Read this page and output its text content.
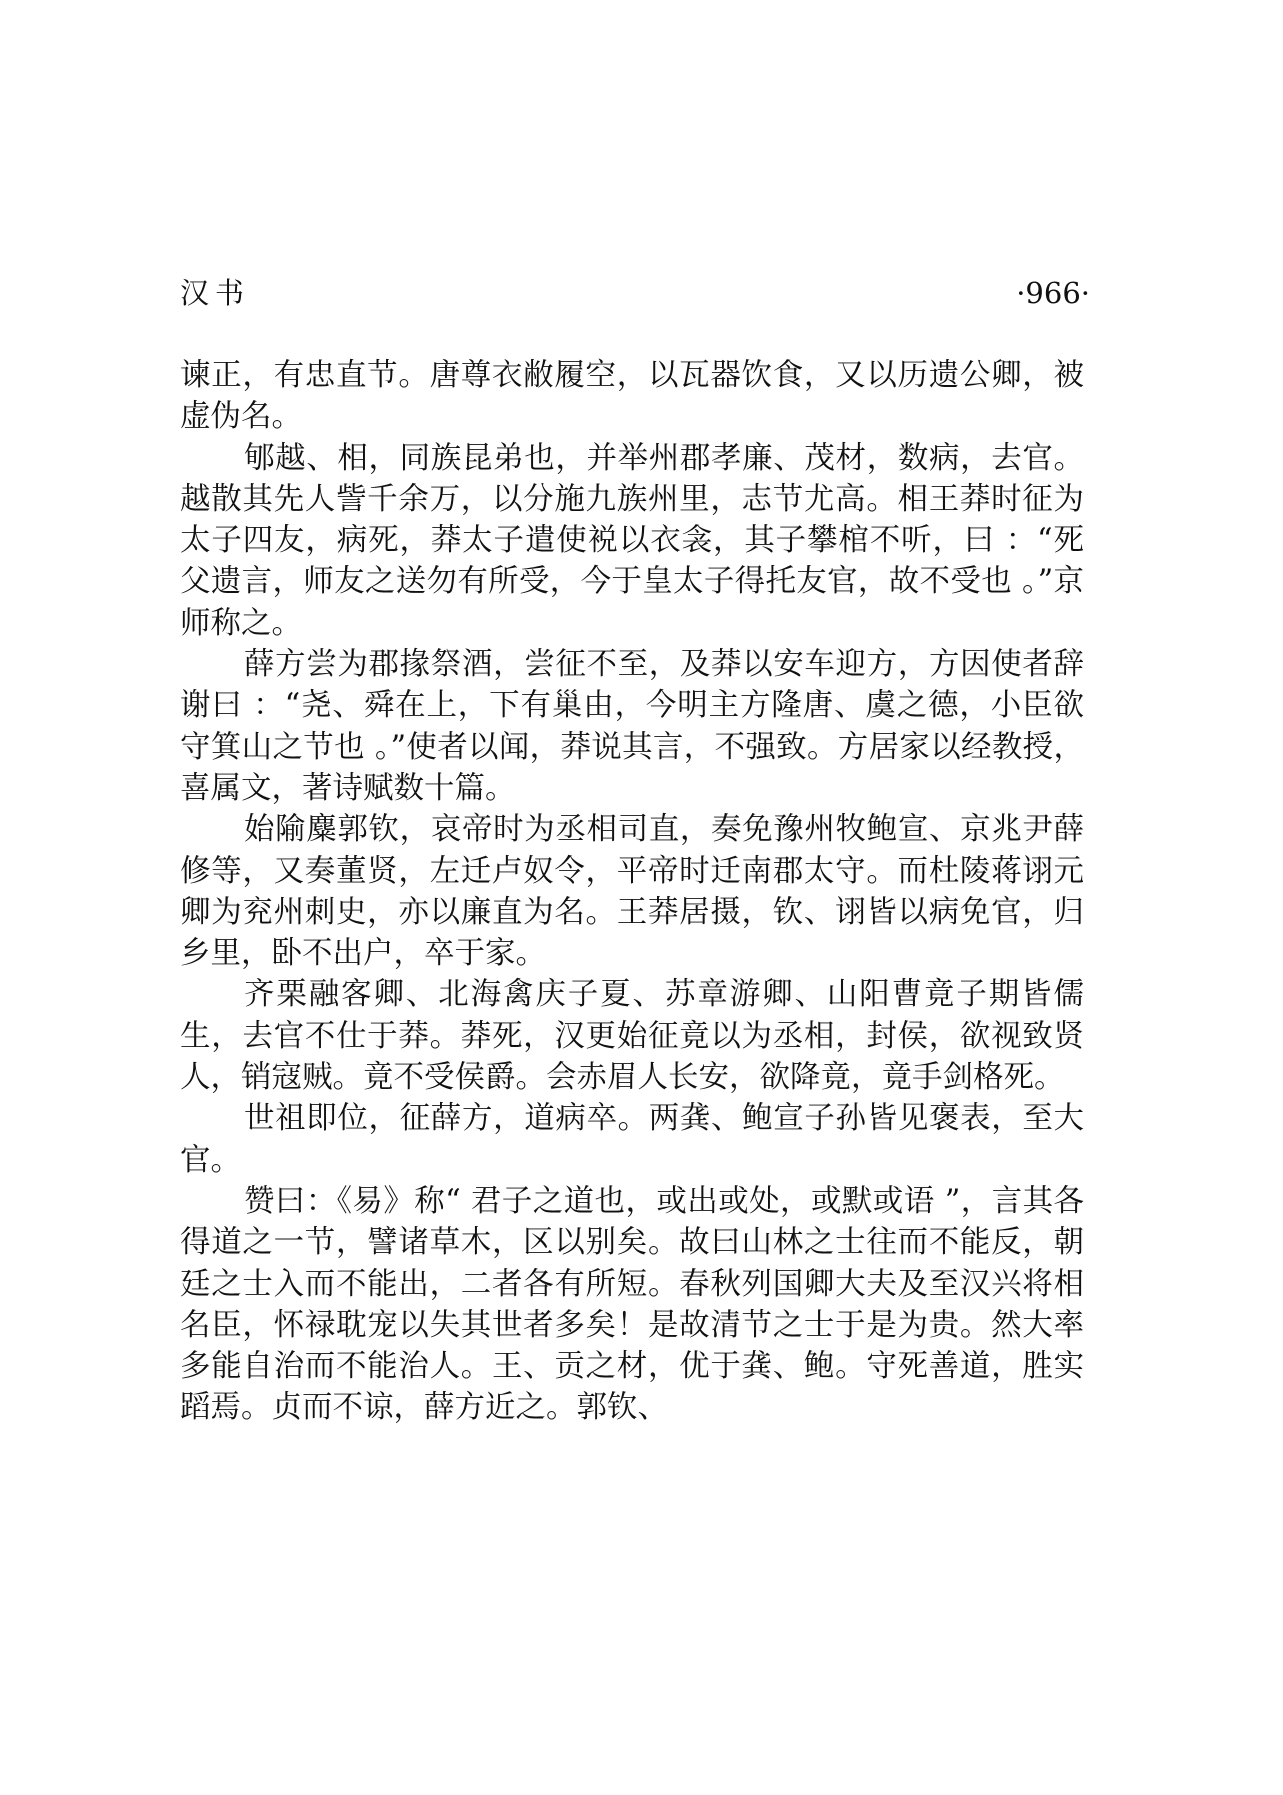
汉书	·966·

谏正，有忠直节。唐尊衣敝履空，以瓦器饮食，又以历遗公卿，被虚伪名。

郇越、相，同族昆弟也，并举州郡孝廉、茂材，数病，去官。越散其先人訾千余万，以分施九族州里，志节尤高。相王莽时征为太子四友，病死，莽太子遣使裞以衣衾，其子攀棺不听，曰 ：“死父遗言，师友之送勿有所受，今于皇太子得托友官，故不受也 。”京师称之。

薛方尝为郡掾祭酒，尝征不至，及莽以安车迎方，方因使者辞谢曰 ：“尧、舜在上，下有巢由，今明主方隆唐、虞之德，小臣欲守箕山之节也 。”使者以闻，莽说其言，不强致。方居家以经教授，喜属文，著诗赋数十篇。

始隃麋郭钦，哀帝时为丞相司直，奏免豫州牧鲍宣、京兆尹薛修等，又奏董贤，左迁卢奴令，平帝时迁南郡太守。而杜陵蒋诩元卿为兖州刺史，亦以廉直为名。王莽居摄，钦、诩皆以病免官，归乡里，卧不出户，卒于家。

齐栗融客卿、北海禽庆子夏、苏章游卿、山阳曹竟子期皆儒生，去官不仕于莽。莽死，汉更始征竟以为丞相，封侯，欲视致贤人，销寇贼。竟不受侯爵。会赤眉人长安，欲降竟，竟手剑格死。

世祖即位，征薛方，道病卒。两龚、鲍宣子孙皆见褒表，至大官。

赞曰：《易》称“ 君子之道也，或出或处，或默或语 ”，言其各得道之一节，譬诸草木，区以别矣。故曰山林之士往而不能反，朝廷之士入而不能出，二者各有所短。春秋列国卿大夫及至汉兴将相名臣，怀禄耽宠以失其世者多矣！是故清节之士于是为贵。然大率多能自治而不能治人。王、贡之材，优于龚、鲍。守死善道，胜实蹈焉。贞而不谅，薛方近之。郭钦、
